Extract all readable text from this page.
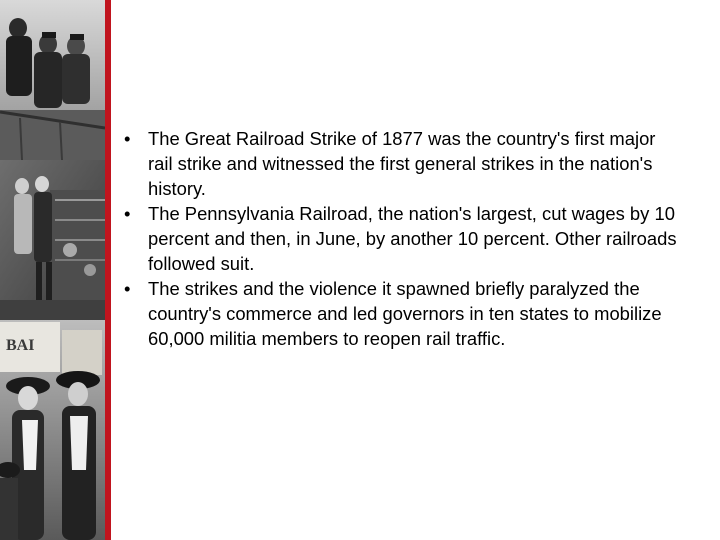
BAI
• The Great Railroad Strike of 1877 was the country's first major rail strike and witnessed the first general strikes in the nation's history.
• The Pennsylvania Railroad, the nation's largest, cut wages by 10 percent and then, in June, by another 10 percent. Other railroads followed suit.
• The strikes and the violence it spawned briefly paralyzed the country's commerce and led governors in ten states to mobilize 60,000 militia members to reopen rail traffic.
